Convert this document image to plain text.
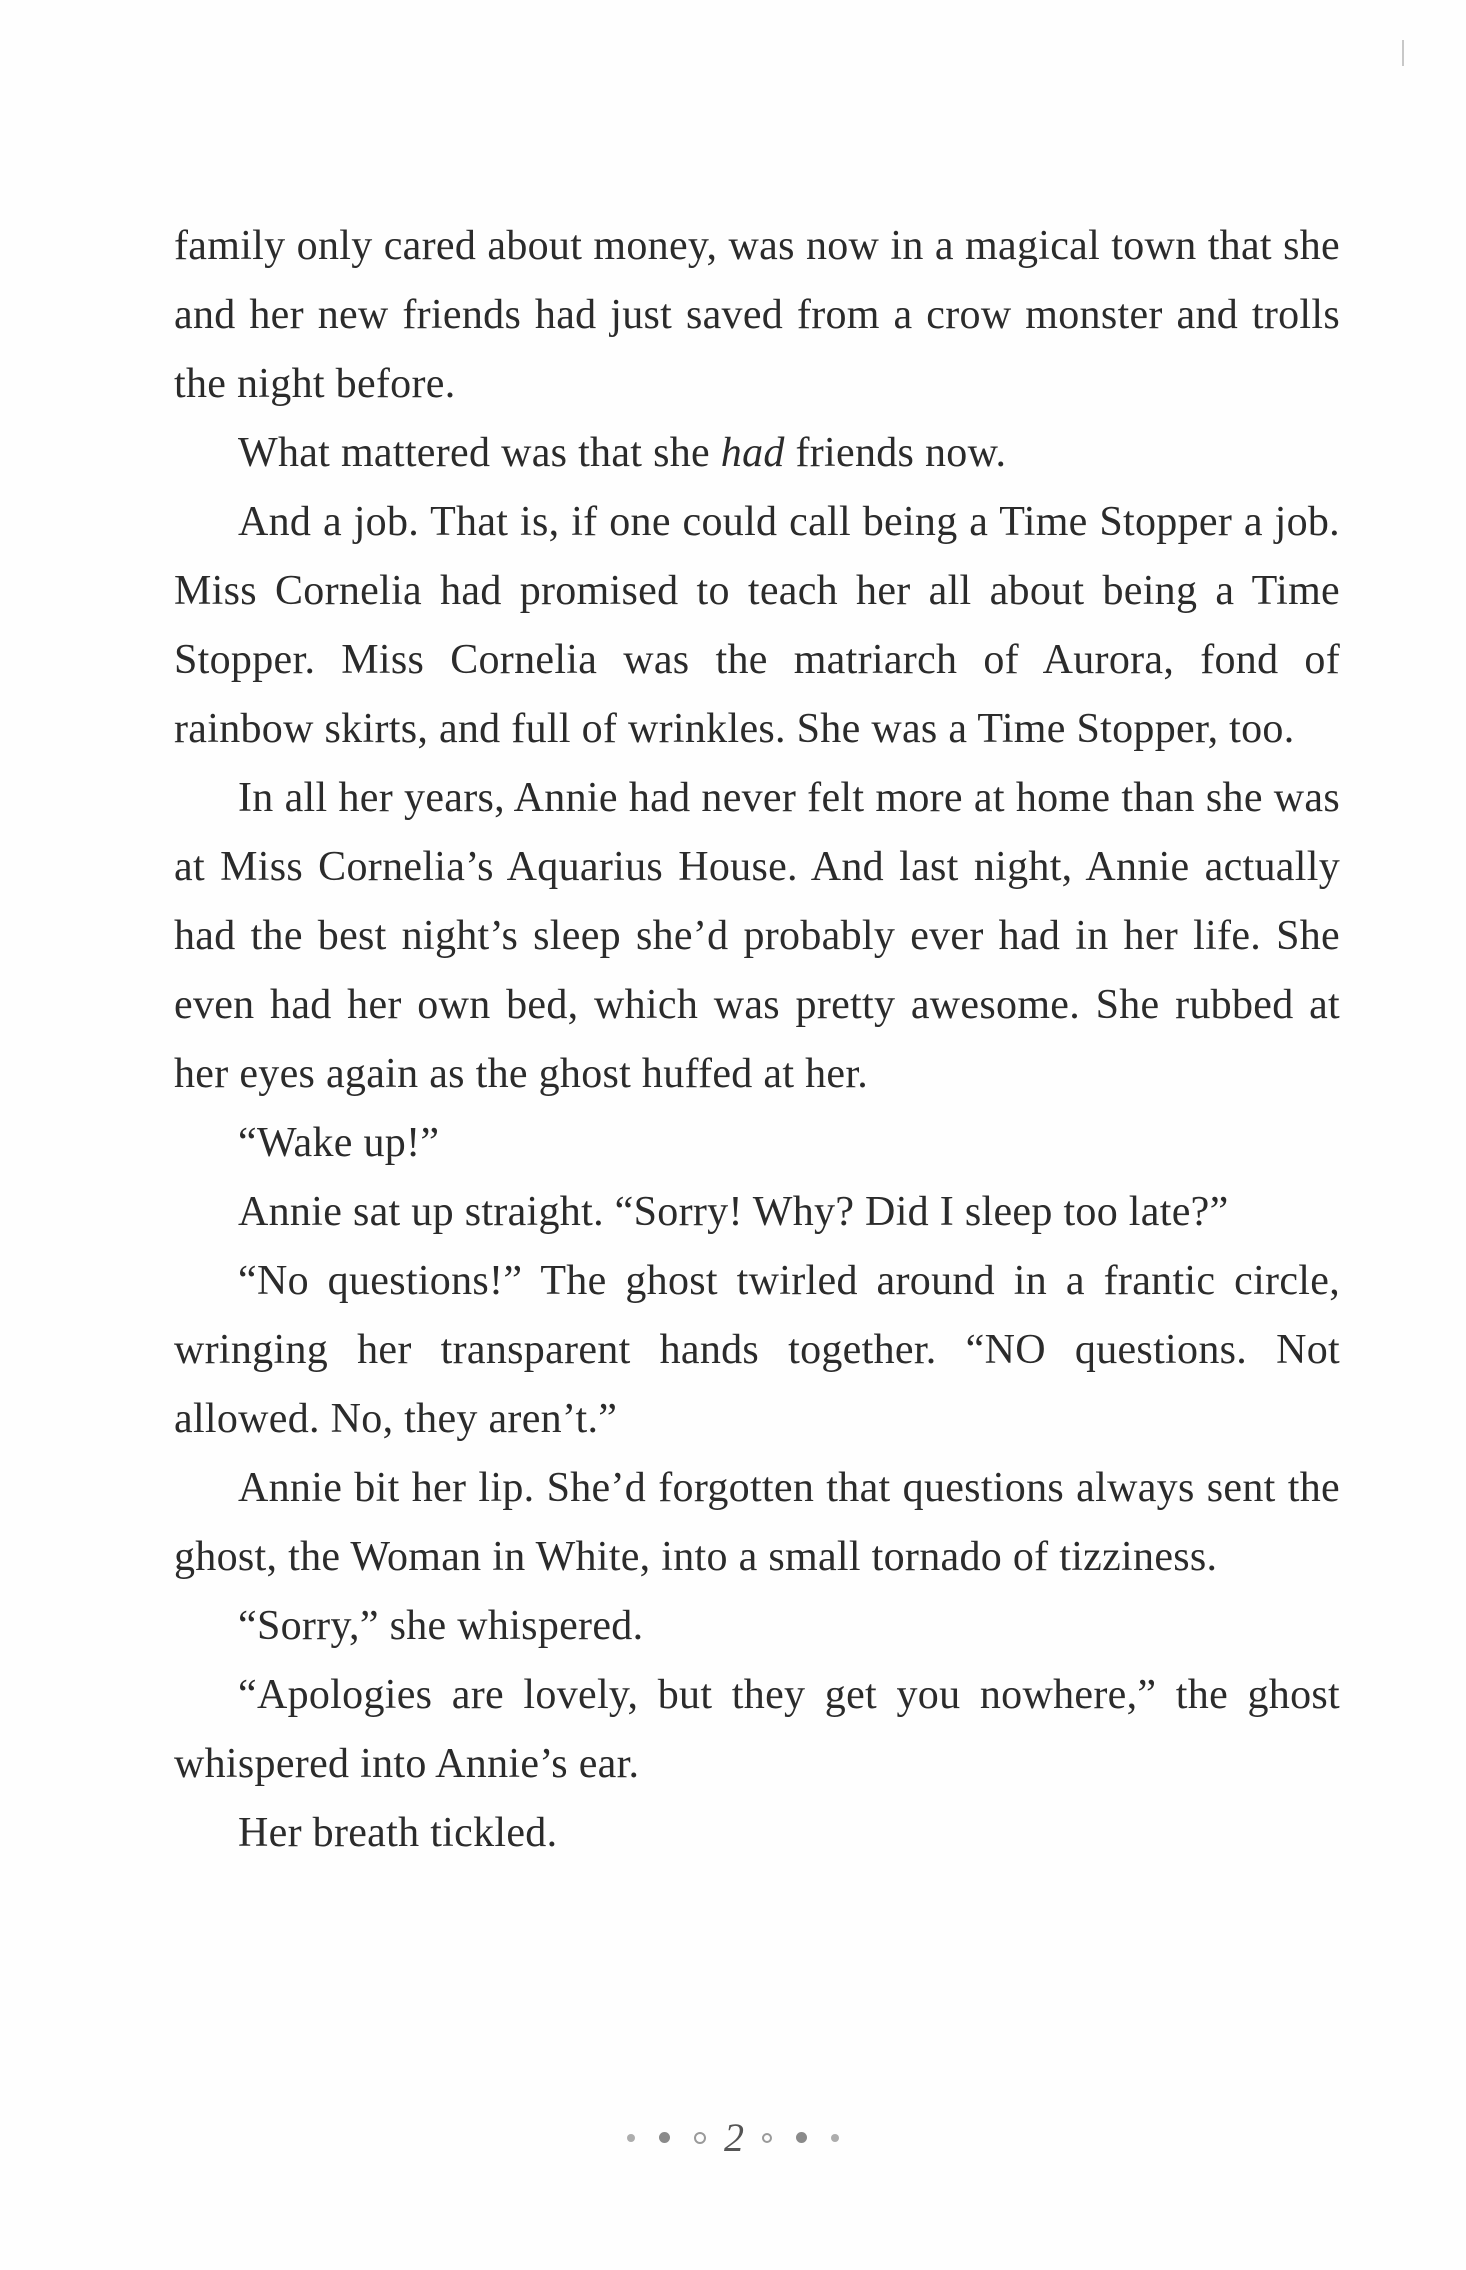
family only cared about money, was now in a magical town that she and her new friends had just saved from a crow monster and trolls the night before.

What mattered was that she had friends now.

And a job. That is, if one could call being a Time Stopper a job. Miss Cornelia had promised to teach her all about being a Time Stopper. Miss Cornelia was the matriarch of Aurora, fond of rainbow skirts, and full of wrinkles. She was a Time Stopper, too.

In all her years, Annie had never felt more at home than she was at Miss Cornelia’s Aquarius House. And last night, Annie actually had the best night’s sleep she’d probably ever had in her life. She even had her own bed, which was pretty awesome. She rubbed at her eyes again as the ghost huffed at her.

“Wake up!”

Annie sat up straight. “Sorry! Why? Did I sleep too late?”

“No questions!” The ghost twirled around in a frantic circle, wringing her transparent hands together. “NO questions. Not allowed. No, they aren’t.”

Annie bit her lip. She’d forgotten that questions always sent the ghost, the Woman in White, into a small tornado of tizziness.

“Sorry,” she whispered.

“Apologies are lovely, but they get you nowhere,” the ghost whispered into Annie’s ear.

Her breath tickled.

2
